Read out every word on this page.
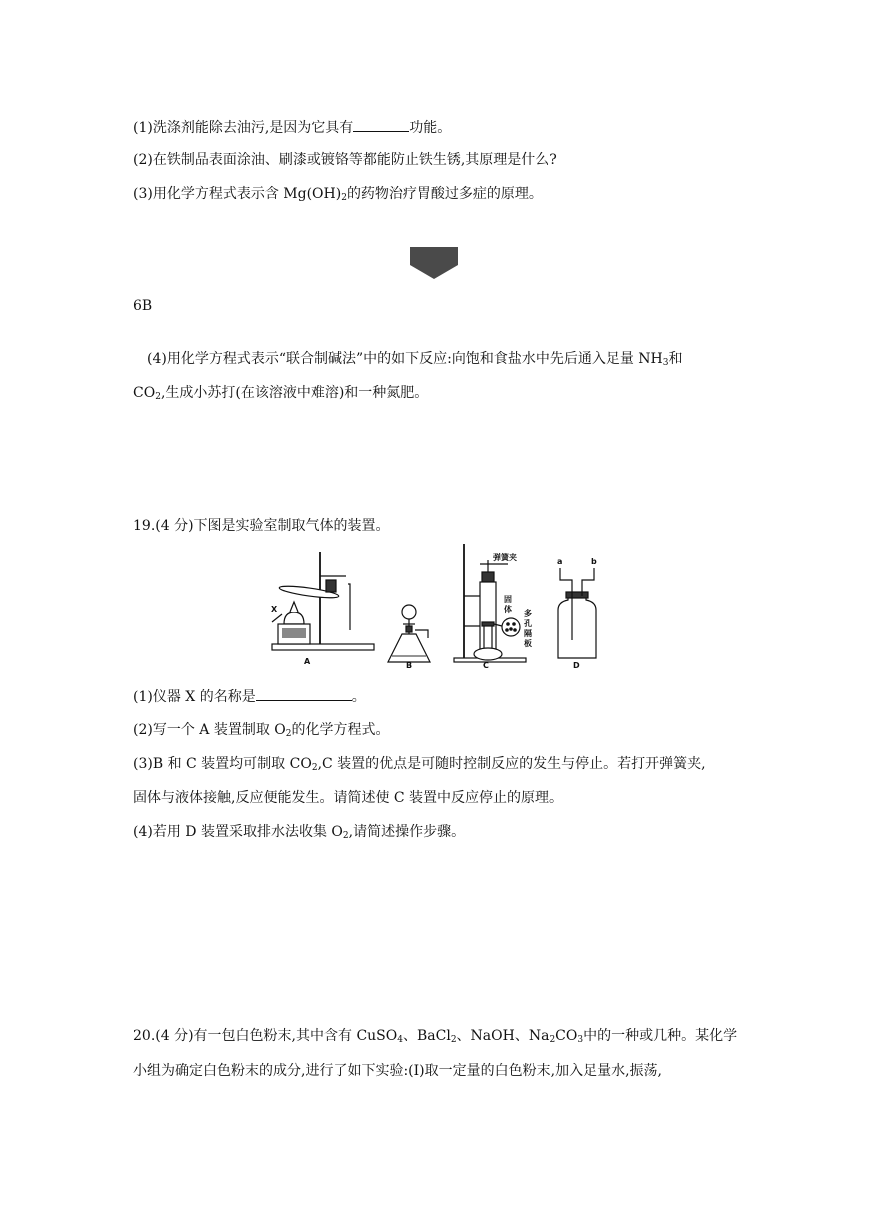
(1)洗涤剂能除去油污,是因为它具有	功能。
(2)在铁制品表面涂油、刷漆或镀铬等都能防止铁生锈,其原理是什么?
(3)用化学方程式表示含 $Mg(OH)_2$的药物治疗胃酸过多症的原理。
6B
(4)用化学方程式表示“联合制碱法”中的如下反应:向饱和食盐水中先后通入足量 $NH_3$和
$CO_2$,生成小苏打(在该溶液中难溶)和一种氮肥。
19.(4 分)下图是实验室制取气体的装置。
X
A	B
弹簧夹
固
体 多
孔
隔
板
C
a	b
D
(1)仪器 X 的名称是	。
(2)写一个 A 装置制取 $O_2$的化学方程式。
(3)B 和 C 装置均可制取 $CO_2,C$ 装置的优点是可随时控制反应的发生与停止。若打开弹簧夹,
固体与液体接触,反应便能发生。请简述使 C 装置中反应停止的原理。
(4)若用 D 装置采取排水法收集 $O_2$,请简述操作步骤。
20.(4 分)有一包白色粉末,其中含有 CuSO$_4$、BaCl$_2$、NaOH、$Na_2CO_3$中的一种或几种。某化学
小组为确定白色粉末的成分,进行了如下实验:(Ⅰ)取一定量的白色粉末,加入足量水,振荡,
